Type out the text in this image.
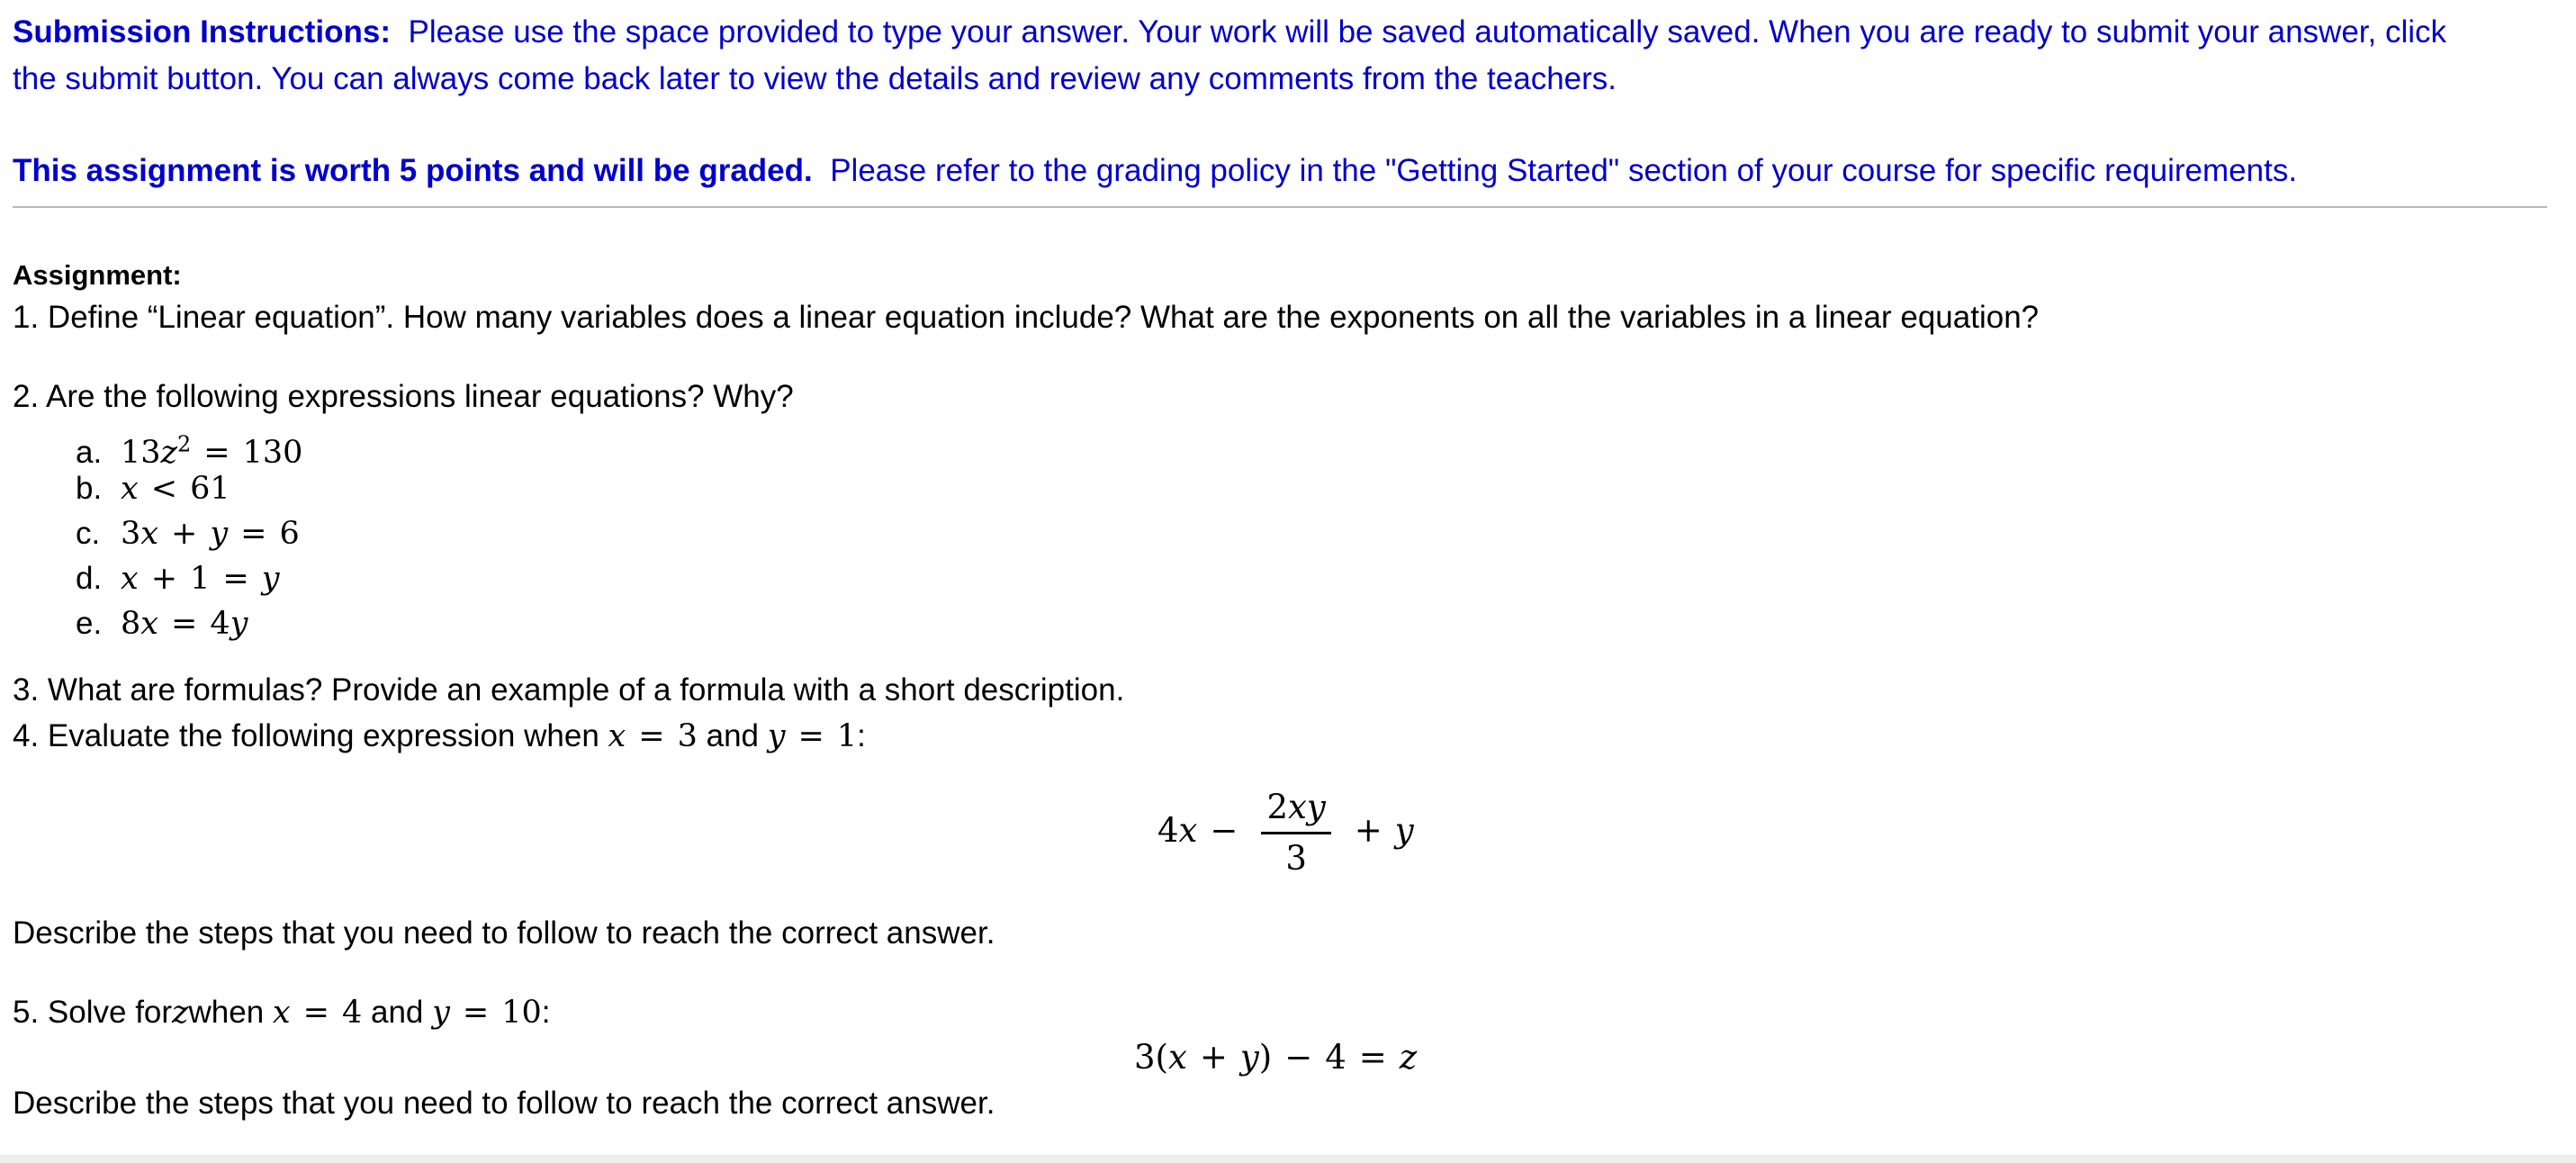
Submission Instructions: Please use the space provided to type your answer. Your work will be saved automatically saved. When you are ready to submit your answer, click
the submit button. You can always come back later to view the details and review any comments from the teachers.
This assignment is worth 5 points and will be graded. Please refer to the grading policy in the "Getting Started" section of your course for specific requirements.
Assignment:
1. Define “Linear equation”. How many variables does a linear equation include? What are the exponents on all the variables in a linear equation?
2. Are the following expressions linear equations? Why?
a. $13z^2 = 130$
b. x < 61
c. 3x + y = 6
d. x + 1 = y
e. 8x = 4y
3. What are formulas? Provide an example of a formula with a short description.
4. Evaluate the following expression when x = 3 and y = 1:
$4x - \frac{2xy}{3} + y$
Describe the steps that you need to follow to reach the correct answer.
5. Solve forzwhen x = 4 and y = 10:
3(x + y) − 4 = z
Describe the steps that you need to follow to reach the correct answer.
